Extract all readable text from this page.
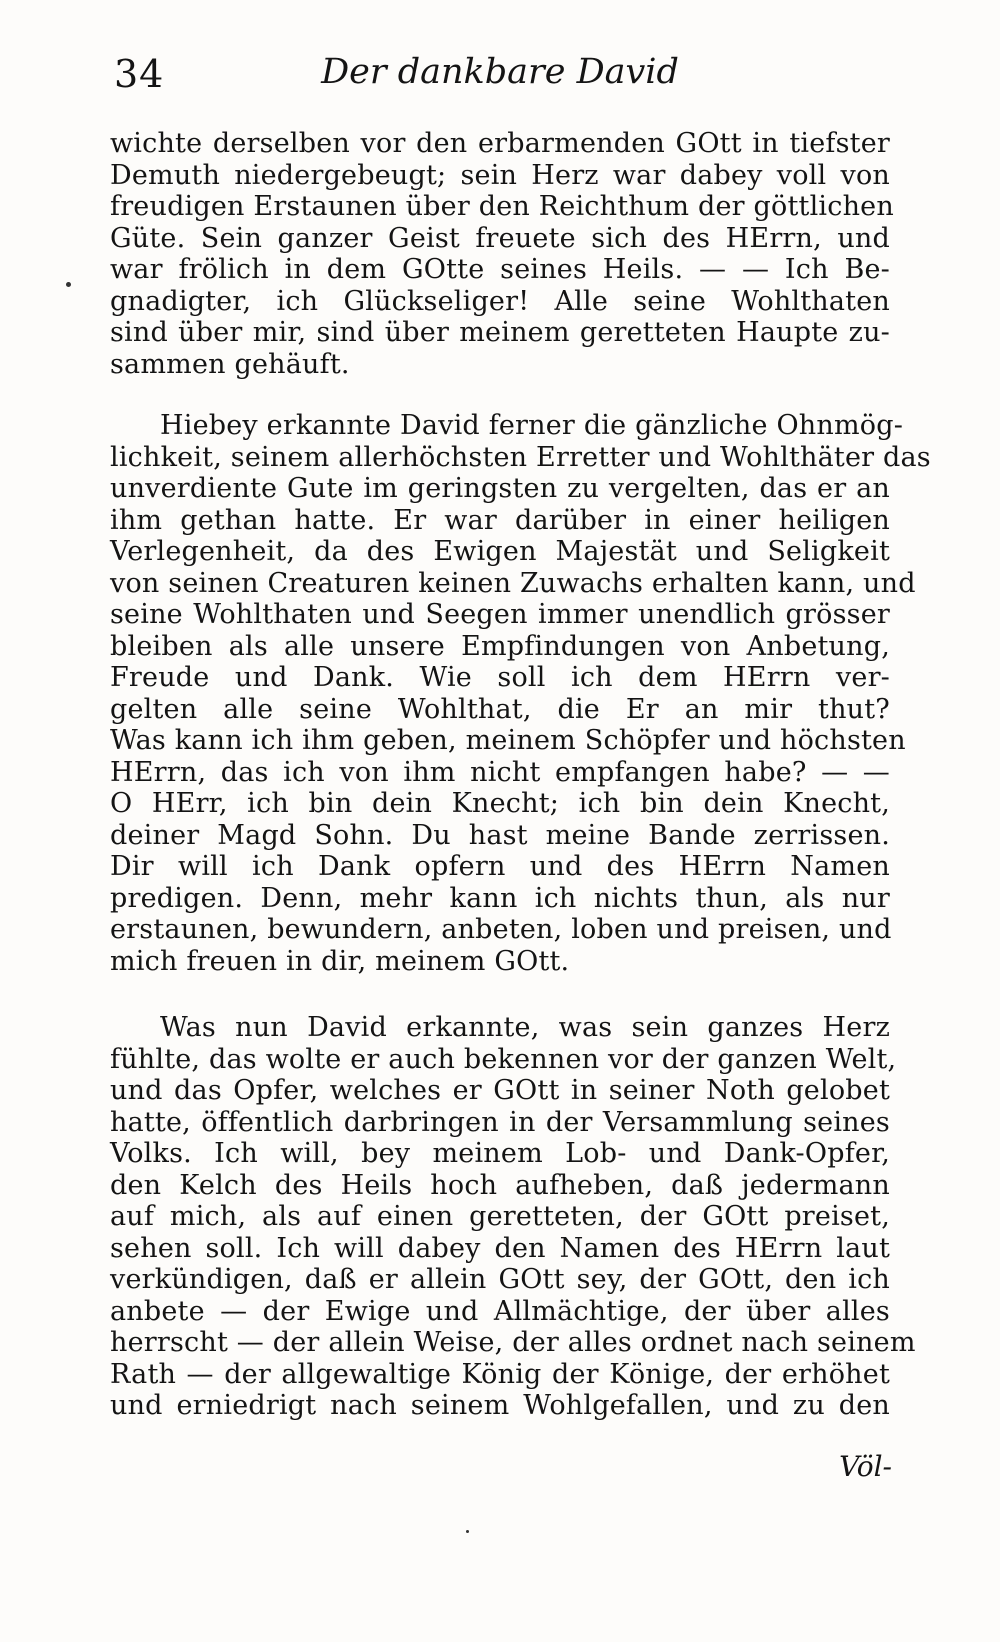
34	Der dankbare David
wichte derselben vor den erbarmenden GOtt in tiefster
Demuth niedergebeugt; sein Herz war dabey voll von
freudigen Erstaunen über den Reichthum der göttlichen
Güte. Sein ganzer Geist freuete sich des HErrn, und
war frölich in dem GOtte seines Heils. — — Ich Be-
gnadigter, ich Glückseliger! Alle seine Wohlthaten
sind über mir, sind über meinem geretteten Haupte zu-
sammen gehäuft.
Hiebey erkannte David ferner die gänzliche Ohnmög-
lichkeit, seinem allerhöchsten Erretter und Wohlthäter das
unverdiente Gute im geringsten zu vergelten, das er an
ihm gethan hatte. Er war darüber in einer heiligen
Verlegenheit, da des Ewigen Majestät und Seligkeit
von seinen Creaturen keinen Zuwachs erhalten kann, und
seine Wohlthaten und Seegen immer unendlich grösser
bleiben als alle unsere Empfindungen von Anbetung,
Freude und Dank. Wie soll ich dem HErrn ver-
gelten alle seine Wohlthat, die Er an mir thut?
Was kann ich ihm geben, meinem Schöpfer und höchsten
HErrn, das ich von ihm nicht empfangen habe? — —
O HErr, ich bin dein Knecht; ich bin dein Knecht,
deiner Magd Sohn. Du hast meine Bande zerrissen.
Dir will ich Dank opfern und des HErrn Namen
predigen. Denn, mehr kann ich nichts thun, als nur
erstaunen, bewundern, anbeten, loben und preisen, und
mich freuen in dir, meinem GOtt.
Was nun David erkannte, was sein ganzes Herz
fühlte, das wolte er auch bekennen vor der ganzen Welt,
und das Opfer, welches er GOtt in seiner Noth gelobet
hatte, öffentlich darbringen in der Versammlung seines
Volks. Ich will, bey meinem Lob- und Dank-Opfer,
den Kelch des Heils hoch aufheben, daß jedermann
auf mich, als auf einen geretteten, der GOtt preiset,
sehen soll. Ich will dabey den Namen des HErrn laut
verkündigen, daß er allein GOtt sey, der GOtt, den ich
anbete — der Ewige und Allmächtige, der über alles
herrscht — der allein Weise, der alles ordnet nach seinem
Rath — der allgewaltige König der Könige, der erhöhet
und erniedrigt nach seinem Wohlgefallen, und zu den
Völ-
